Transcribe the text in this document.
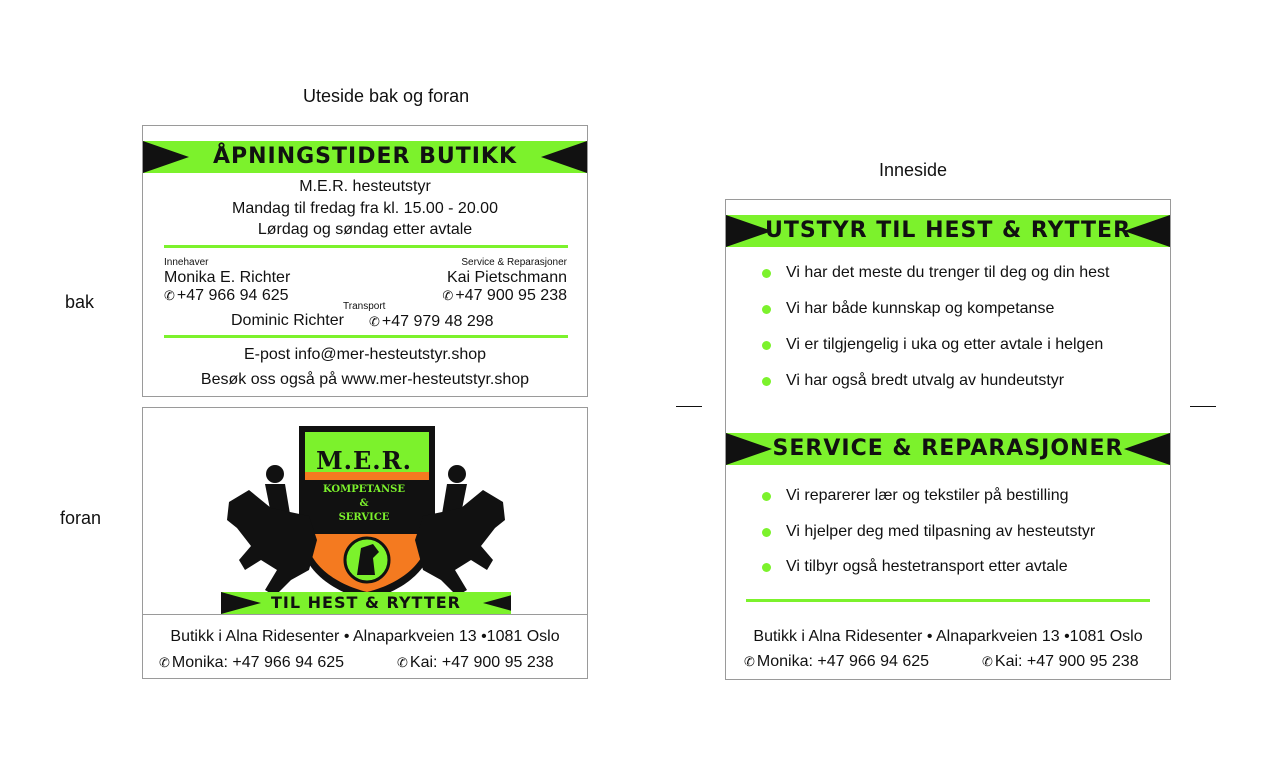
Uteside bak og foran
Inneside
bak
foran
ÅPNINGSTIDER BUTIKK
M.E.R. hesteutstyr
Mandag til fredag fra kl. 15.00 - 20.00
Lørdag og søndag etter avtale
Innehaver
Monika E. Richter
✆ +47 966 94 625
Service & Reparasjoner
Kai Pietschmann
✆ +47 900 95 238
Transport
Dominic Richter ✆ +47 979 48 298
E-post info@mer-hesteutstyr.shop
Besøk oss også på www.mer-hesteutstyr.shop
M.E.R.
KOMPETANSE
&
SERVICE
TIL HEST & RYTTER
Butikk i Alna Ridesenter • Alnaparkveien 13 •1081 Oslo
✆ Monika: +47 966 94 625	✆ Kai: +47 900 95 238
UTSTYR TIL HEST & RYTTER
Vi har det meste du trenger til deg og din hest
Vi har både kunnskap og kompetanse
Vi er tilgjengelig i uka og etter avtale i helgen
Vi har også bredt utvalg av hundeutstyr
SERVICE & REPARASJONER
Vi reparerer lær og tekstiler på bestilling
Vi hjelper deg med tilpasning av hesteutstyr
Vi tilbyr også hestetransport etter avtale
Butikk i Alna Ridesenter • Alnaparkveien 13 •1081 Oslo
✆ Monika: +47 966 94 625	✆ Kai: +47 900 95 238
